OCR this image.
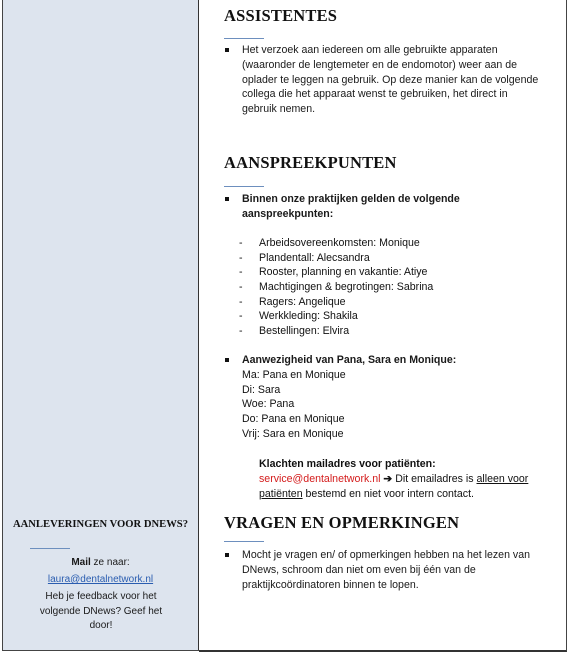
AANLEVERINGEN VOOR DNEWS?
Mail ze naar:
laura@dentalnetwork.nl
Heb je feedback voor het volgende DNews? Geef het door!
ASSISTENTES
Het verzoek aan iedereen om alle gebruikte apparaten (waaronder de lengtemeter en de endomotor) weer aan de oplader te leggen na gebruik. Op deze manier kan de volgende collega die het apparaat wenst te gebruiken, het direct in gebruik nemen.
AANSPREEKPUNTEN
Binnen onze praktijken gelden de volgende aanspreekpunten:
-	Arbeidsovereenkomsten: Monique
-	Plandentall: Alecsandra
-	Rooster, planning en vakantie: Atiye
-	Machtigingen & begrotingen: Sabrina
-	Ragers: Angelique
-	Werkkleding: Shakila
-	Bestellingen: Elvira
Aanwezigheid van Pana, Sara en Monique:
Ma: Pana en Monique
Di: Sara
Woe: Pana
Do: Pana en Monique
Vrij: Sara en Monique
Klachten mailadres voor patiënten:
service@dentalnetwork.nl ➔ Dit emailadres is alleen voor patiënten bestemd en niet voor intern contact.
VRAGEN EN OPMERKINGEN
Mocht je vragen en/ of opmerkingen hebben na het lezen van DNews, schroom dan niet om even bij één van de praktijkcoördinatoren binnen te lopen.
